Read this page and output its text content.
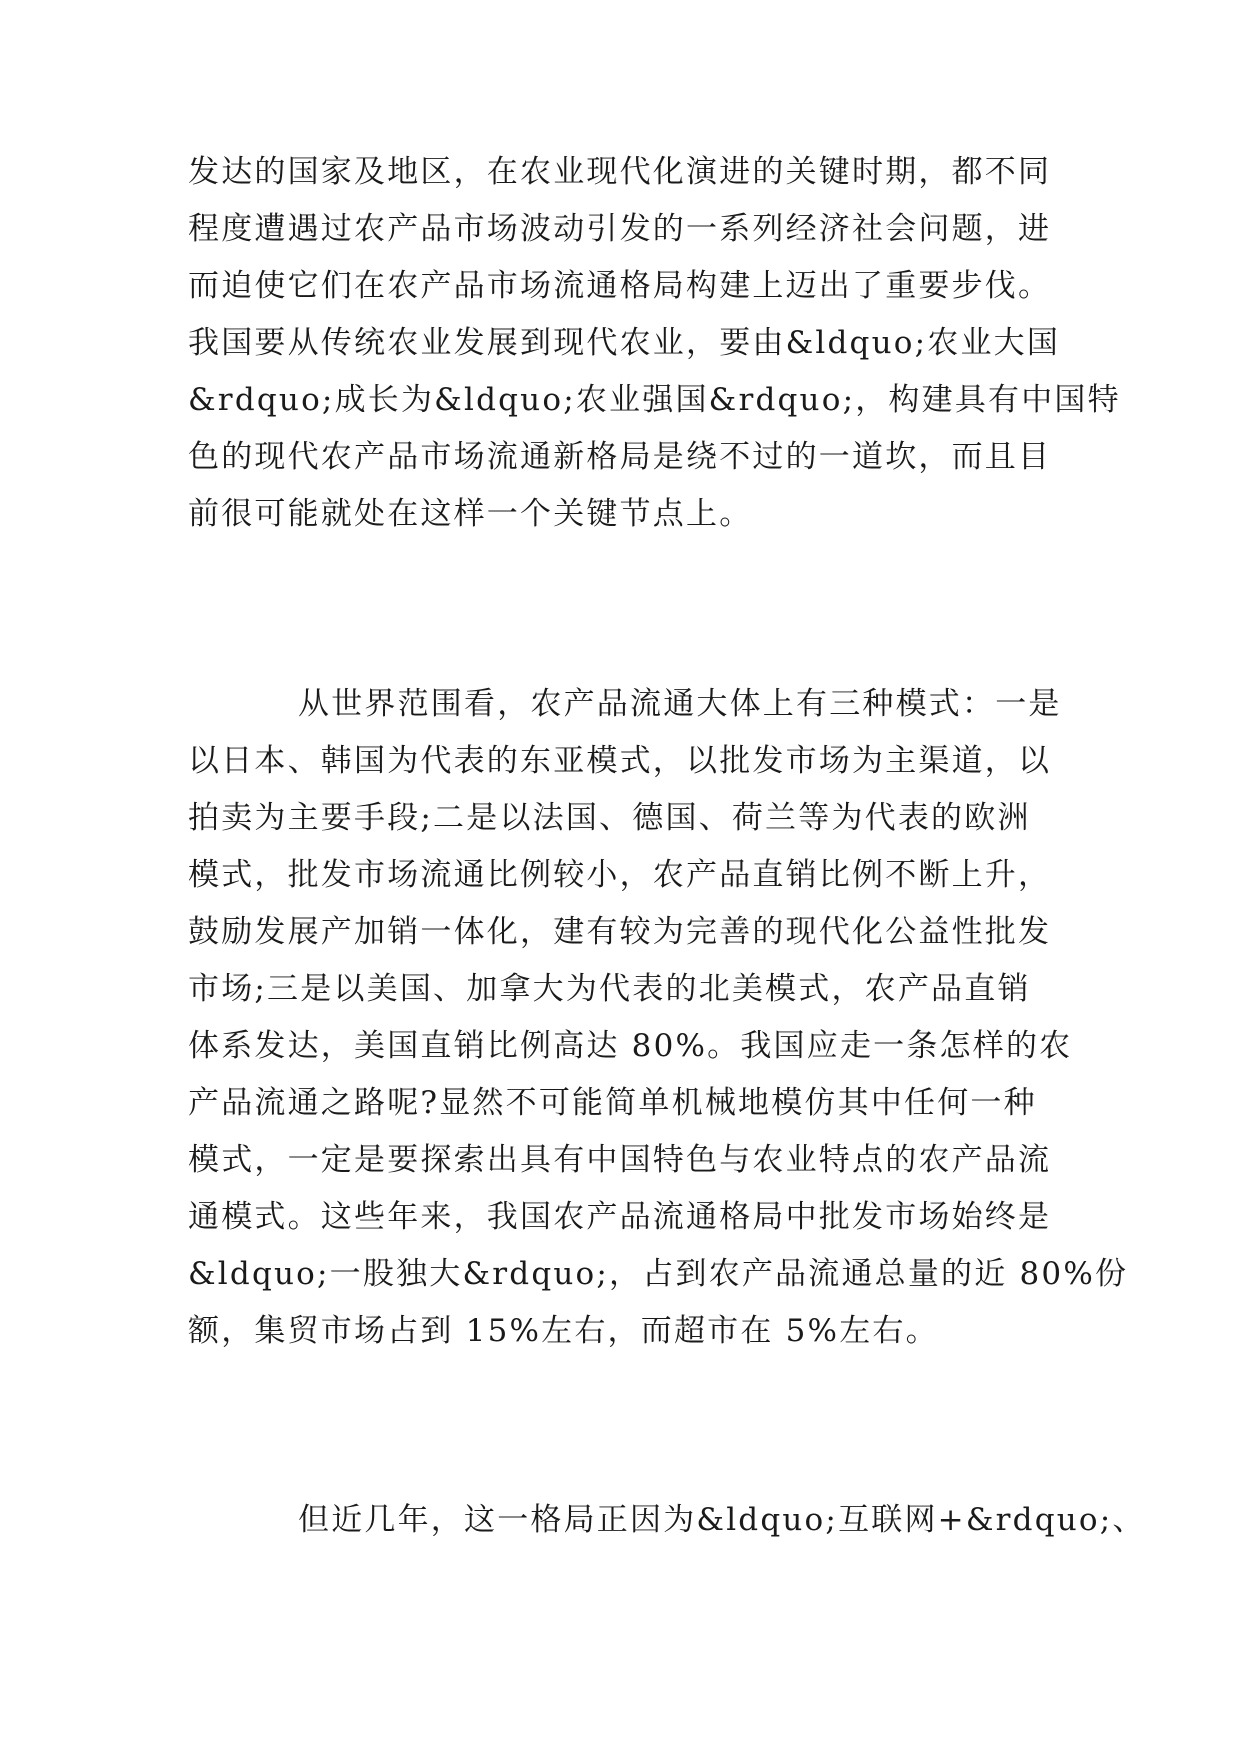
发达的国家及地区，在农业现代化演进的关键时期，都不同
程度遭遇过农产品市场波动引发的一系列经济社会问题，进
而迫使它们在农产品市场流通格局构建上迈出了重要步伐。
我国要从传统农业发展到现代农业，要由&ldquo;农业大国
&rdquo;成长为&ldquo;农业强国&rdquo;，构建具有中国特
色的现代农产品市场流通新格局是绕不过的一道坎，而且目
前很可能就处在这样一个关键节点上。
从世界范围看，农产品流通大体上有三种模式：一是
以日本、韩国为代表的东亚模式，以批发市场为主渠道，以
拍卖为主要手段;二是以法国、德国、荷兰等为代表的欧洲
模式，批发市场流通比例较小，农产品直销比例不断上升，
鼓励发展产加销一体化，建有较为完善的现代化公益性批发
市场;三是以美国、加拿大为代表的北美模式，农产品直销
体系发达，美国直销比例高达 80%。我国应走一条怎样的农
产品流通之路呢?显然不可能简单机械地模仿其中任何一种
模式，一定是要探索出具有中国特色与农业特点的农产品流
通模式。这些年来，我国农产品流通格局中批发市场始终是
&ldquo;一股独大&rdquo;，占到农产品流通总量的近 80%份
额，集贸市场占到 15%左右，而超市在 5%左右。
但近几年，这一格局正因为&ldquo;互联网+&rdquo;、
